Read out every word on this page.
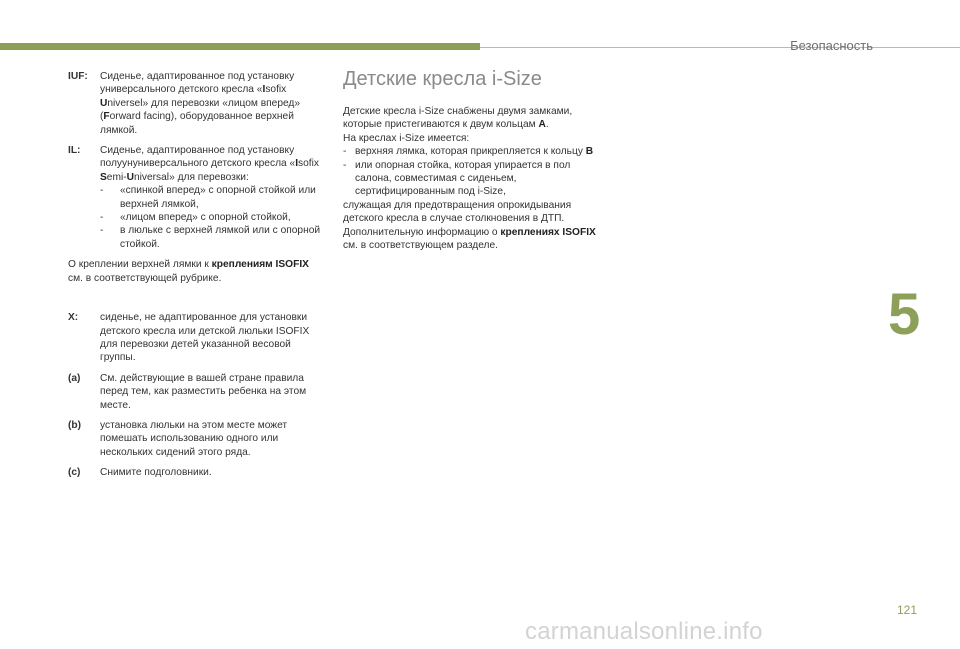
Безопасность
5
121
carmanualsonline.info
IUF:	Сиденье, адаптированное под установку универсального детского кресла «Isofix Universel» для перевозки «лицом вперед» (Forward facing), оборудованное верхней лямкой.
IL:	Сиденье, адаптированное под установку полуунуниверсального детского кресла «Isofix Semi-Universal» для перевозки:
-	«спинкой вперед» с опорной стойкой или верхней лямкой,
-	«лицом вперед» с опорной стойкой,
-	в люльке с верхней лямкой или с опорной стойкой.
О креплении верхней лямки к креплениям ISOFIX см. в соответствующей рубрике.
X:	сиденье, не адаптированное для установки детского кресла или детской люльки ISOFIX для перевозки детей указанной весовой группы.
(a)	См. действующие в вашей стране правила перед тем, как разместить ребенка на этом месте.
(b)	установка люльки на этом месте может помешать использованию одного или нескольких сидений этого ряда.
(c)	Снимите подголовники.
Детские кресла i-Size
Детские кресла i-Size снабжены двумя замками, которые пристегиваются к двум кольцам A.
На креслах i-Size имеется:
- верхняя лямка, которая прикрепляется к кольцу B
- или опорная стойка, которая упирается в пол салона, совместимая с сиденьем, сертифицированным под i-Size,
служащая для предотвращения опрокидывания детского кресла в случае столкновения в ДТП.
Дополнительную информацию о креплениях ISOFIX см. в соответствующем разделе.
